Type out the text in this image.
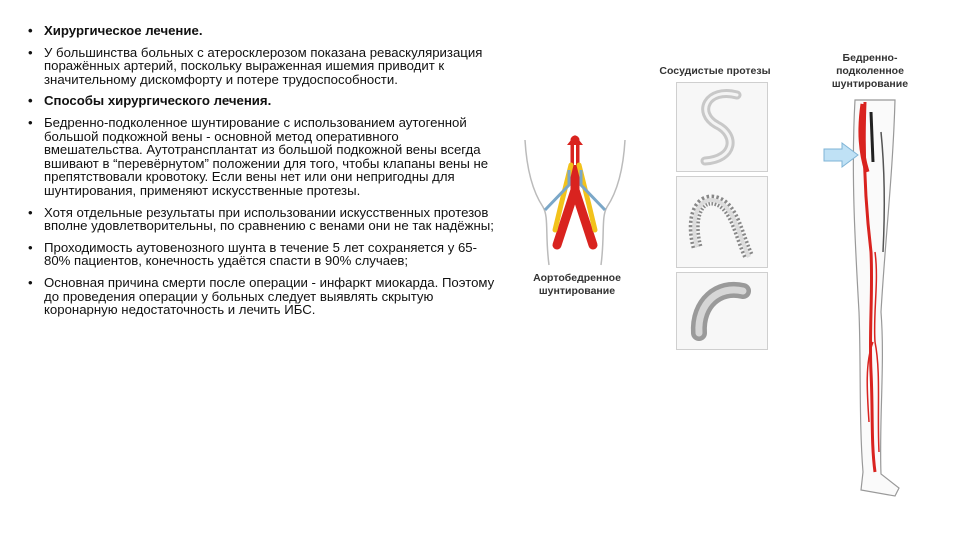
• Хирургическое лечение.
• У большинства больных с атеросклерозом показана реваскуляризация поражённых артерий, поскольку выраженная ишемия приводит к значительному дискомфорту и потере трудоспособности.
• Способы хирургического лечения.
• Бедренно-подколенное шунтирование с использованием аутогенной большой подкожной вены - основной метод оперативного вмешательства. Аутотрансплантат из большой подкожной вены всегда вшивают в “перевёрнутом” положении для того, чтобы клапаны вены не препятствовали кровотоку. Если вены нет или они непригодны для шунтирования, применяют искусственные протезы.
• Хотя отдельные результаты при использовании искусственных протезов вполне удовлетворительны, по сравнению с венами они не так надёжны;
• Проходимость аутовенозного шунта в течение 5 лет сохраняется у 65-80% пациентов, конечность удаётся спасти в 90% случаев;
• Основная причина смерти после операции - инфаркт миокарда. Поэтому до проведения операции у больных следует выявлять скрытую коронарную недостаточность и лечить ИБС.
Аортобедренное шунтирование
Сосудистые протезы
Бедренно-подколенное шунтирование
